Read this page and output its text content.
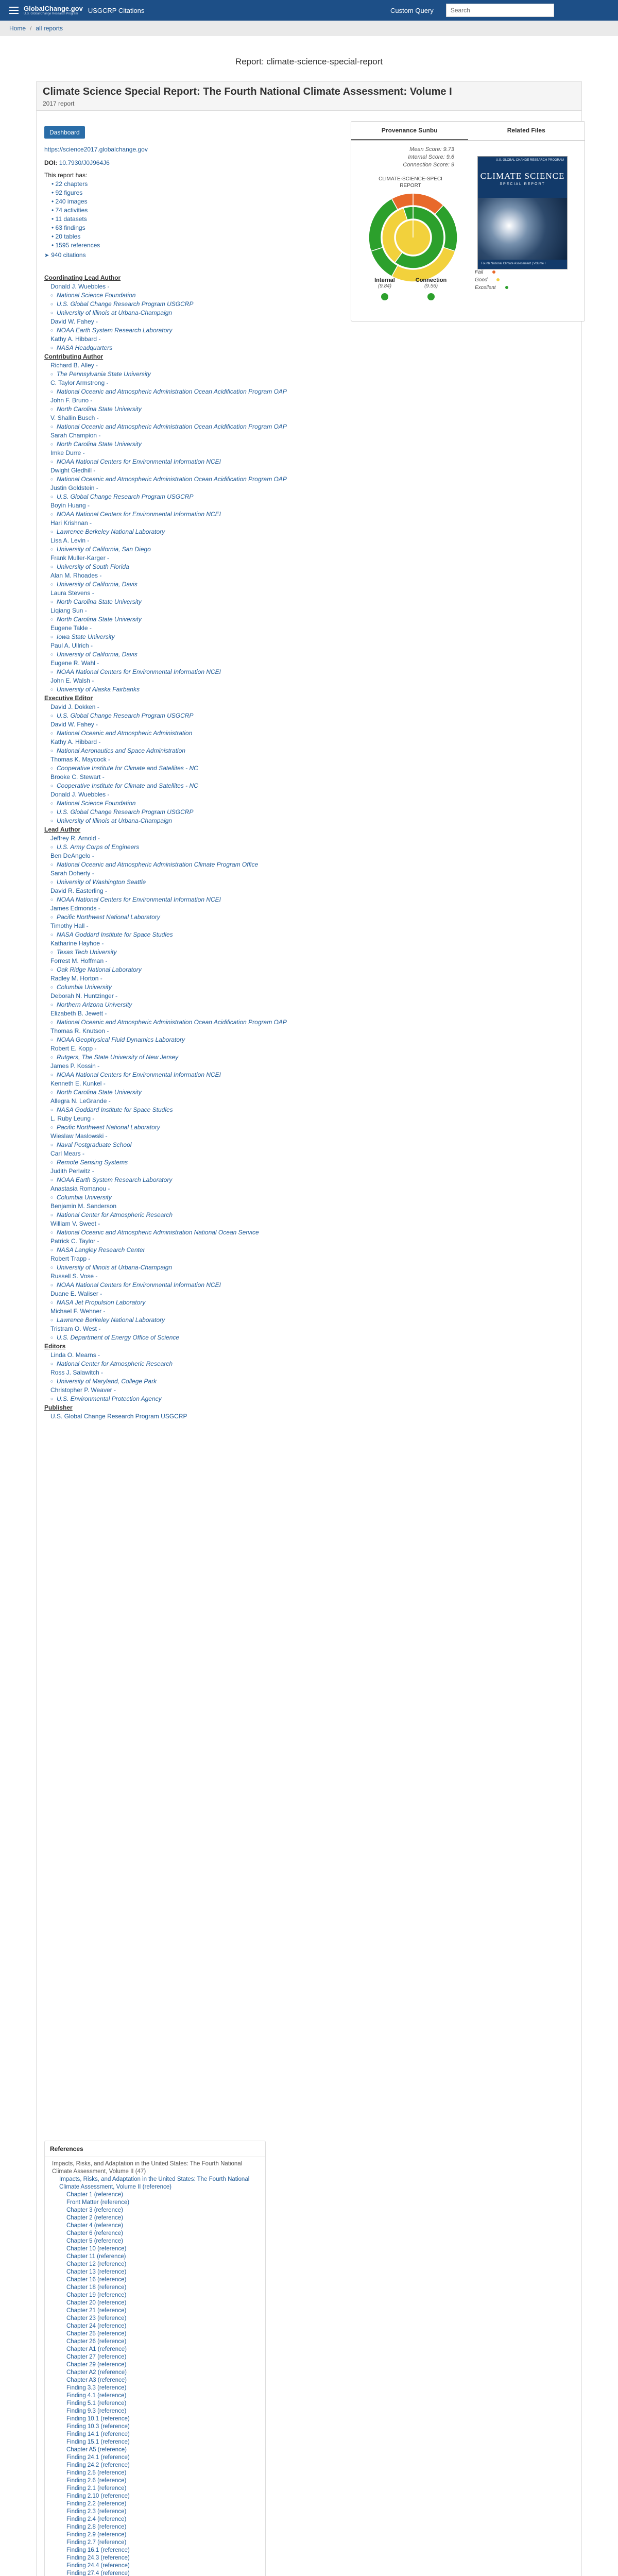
GlobalChange.gov
U.S. Global Change Research Program	USGCRP Citations	Custom Query
Search
Home / all reports
Report: climate-science-special-report
Climate Science Special Report: The Fourth National Climate Assessment: Volume I
2017 report
Dashboard
https://science2017.globalchange.gov
DOI: 10.7930/J0J964J6
This report has:
• 22 chapters
• 92 figures
• 240 images
• 74 activities
• 11 datasets
• 63 findings
• 20 tables
• 1595 references
➤ 940 citations
Coordinating Lead Author
Donald J. Wuebbles -
○ National Science Foundation
○ U.S. Global Change Research Program USGCRP
○ University of Illinois at Urbana-Champaign
David W. Fahey -
○ NOAA Earth System Research Laboratory
Kathy A. Hibbard -
○ NASA Headquarters
Contributing Author
Richard B. Alley -
○ The Pennsylvania State University
C. Taylor Armstrong -
○ National Oceanic and Atmospheric Administration Ocean Acidification Program OAP
John F. Bruno -
○ North Carolina State University
V. Shallin Busch -
○ National Oceanic and Atmospheric Administration Ocean Acidification Program OAP
Sarah Champion -
○ North Carolina State University
Imke Durre -
○ NOAA National Centers for Environmental Information NCEI
Dwight Gledhill -
○ National Oceanic and Atmospheric Administration Ocean Acidification Program OAP
Justin Goldstein -
○ U.S. Global Change Research Program USGCRP
Boyin Huang -
○ NOAA National Centers for Environmental Information NCEI
Hari Krishnan -
○ Lawrence Berkeley National Laboratory
Lisa A. Levin -
○ University of California, San Diego
Frank Muller-Karger -
○ University of South Florida
Alan M. Rhoades -
○ University of California, Davis
Laura Stevens -
○ North Carolina State University
Liqiang Sun -
○ North Carolina State University
Eugene Takle -
○ Iowa State University
Paul A. Ullrich -
○ University of California, Davis
Eugene R. Wahl -
○ NOAA National Centers for Environmental Information NCEI
John E. Walsh -
○ University of Alaska Fairbanks
Executive Editor
David J. Dokken -
○ U.S. Global Change Research Program USGCRP
David W. Fahey -
○ National Oceanic and Atmospheric Administration
Kathy A. Hibbard -
○ National Aeronautics and Space Administration
Thomas K. Maycock -
○ Cooperative Institute for Climate and Satellites - NC
Brooke C. Stewart -
○ Cooperative Institute for Climate and Satellites - NC
Donald J. Wuebbles -
○ National Science Foundation
○ U.S. Global Change Research Program USGCRP
○ University of Illinois at Urbana-Champaign
Lead Author
Jeffrey R. Arnold -
○ U.S. Army Corps of Engineers
Ben DeAngelo -
○ National Oceanic and Atmospheric Administration Climate Program Office
Sarah Doherty -
○ University of Washington Seattle
David R. Easterling -
○ NOAA National Centers for Environmental Information NCEI
James Edmonds -
○ Pacific Northwest National Laboratory
Timothy Hall -
○ NASA Goddard Institute for Space Studies
Katharine Hayhoe -
○ Texas Tech University
Forrest M. Hoffman -
○ Oak Ridge National Laboratory
Radley M. Horton -
○ Columbia University
Deborah N. Huntzinger -
○ Northern Arizona University
Elizabeth B. Jewett -
○ National Oceanic and Atmospheric Administration Ocean Acidification Program OAP
Thomas R. Knutson -
○ NOAA Geophysical Fluid Dynamics Laboratory
Robert E. Kopp -
○ Rutgers, The State University of New Jersey
James P. Kossin -
○ NOAA National Centers for Environmental Information NCEI
Kenneth E. Kunkel -
○ North Carolina State University
Allegra N. LeGrande -
○ NASA Goddard Institute for Space Studies
L. Ruby Leung -
○ Pacific Northwest National Laboratory
Wieslaw Maslowski -
○ Naval Postgraduate School
Carl Mears -
○ Remote Sensing Systems
Judith Perlwitz -
○ NOAA Earth System Research Laboratory
Anastasia Romanou -
○ Columbia University
Benjamin M. Sanderson
○ National Center for Atmospheric Research
William V. Sweet -
○ National Oceanic and Atmospheric Administration National Ocean Service
Patrick C. Taylor -
○ NASA Langley Research Center
Robert Trapp -
○ University of Illinois at Urbana-Champaign
Russell S. Vose -
○ NOAA National Centers for Environmental Information NCEI
Duane E. Waliser -
○ NASA Jet Propulsion Laboratory
Michael F. Wehner -
○ Lawrence Berkeley National Laboratory
Tristram O. West -
○ U.S. Department of Energy Office of Science
Editors
Linda O. Mearns -
○ National Center for Atmospheric Research
Ross J. Salawitch -
○ University of Maryland, College Park
Christopher P. Weaver -
○ U.S. Environmental Protection Agency
Publisher
U.S. Global Change Research Program USGCRP
Provenance Sunbu	Related Files
Mean Score: 9.73
Internal Score: 9.6
Connection Score: 9
CLIMATE-SCIENCE-SPECI REPORT
U.S. GLOBAL CHANGE RESEARCH PROGRAM
CLIMATE SCIENCE
SPECIAL REPORT
Fourth National Climate Assessment | Volume I
Fail
Good
Excellent
Internal
(9.84)
Connection
(9.56)
References
Impacts, Risks, and Adaptation in the United States: The Fourth National Climate Assessment, Volume II (47)
Impacts, Risks, and Adaptation in the United States: The Fourth National Climate Assessment, Volume II (reference)
Chapter 1 (reference)
Front Matter (reference)
Chapter 3 (reference)
Chapter 2 (reference)
Chapter 4 (reference)
Chapter 6 (reference)
Chapter 5 (reference)
Chapter 10 (reference)
Chapter 11 (reference)
Chapter 12 (reference)
Chapter 13 (reference)
Chapter 16 (reference)
Chapter 18 (reference)
Chapter 19 (reference)
Chapter 20 (reference)
Chapter 21 (reference)
Chapter 23 (reference)
Chapter 24 (reference)
Chapter 25 (reference)
Chapter 26 (reference)
Chapter A1 (reference)
Chapter 27 (reference)
Chapter 29 (reference)
Chapter A2 (reference)
Chapter A3 (reference)
Finding 3.3 (reference)
Finding 4.1 (reference)
Finding 5.1 (reference)
Finding 9.3 (reference)
Finding 10.1 (reference)
Finding 10.3 (reference)
Finding 14.1 (reference)
Finding 15.1 (reference)
Chapter A5 (reference)
Finding 24.1 (reference)
Finding 24.2 (reference)
Finding 2.5 (reference)
Finding 2.6 (reference)
Finding 2.1 (reference)
Finding 2.10 (reference)
Finding 2.2 (reference)
Finding 2.3 (reference)
Finding 2.4 (reference)
Finding 2.8 (reference)
Finding 2.9 (reference)
Finding 2.7 (reference)
Finding 16.1 (reference)
Finding 24.3 (reference)
Finding 24.4 (reference)
Finding 27.4 (reference)
